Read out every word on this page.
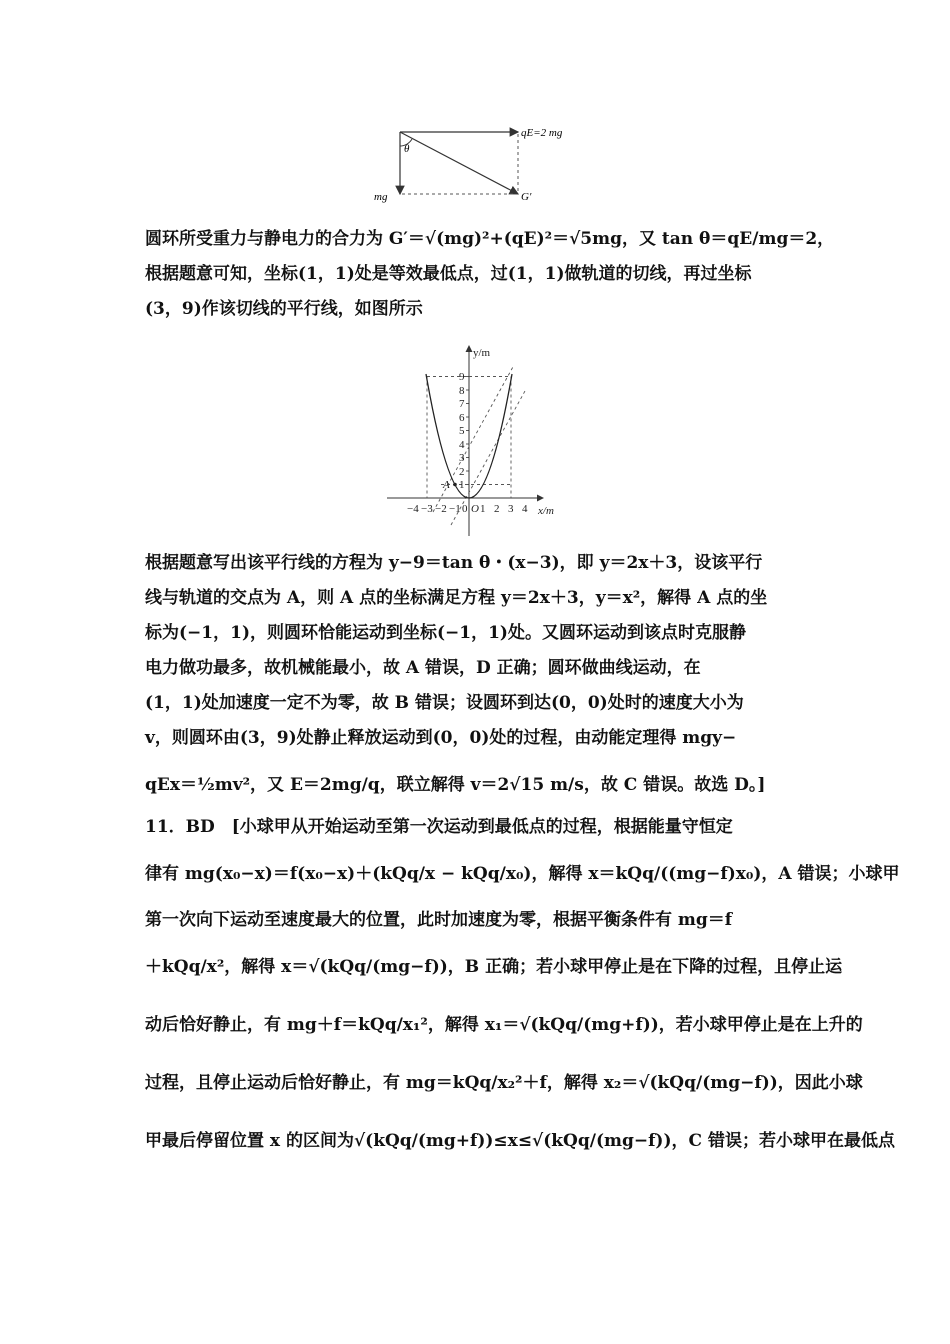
qE=2 mg
θ
mg	G′
圆环所受重力与静电力的合力为 G′＝√(mg)²+(qE)²＝√5mg，又 tan θ＝qE/mg＝2，
根据题意可知，坐标(1，1)处是等效最低点，过(1，1)做轨道的切线，再过坐标
(3，9)作该切线的平行线，如图所示
y/m
x/m
A
9
8
7
6
5
4
3
2
1
−4 −3 −2 −1 0 O 1 2 3 4
根据题意写出该平行线的方程为 y−9＝tan θ・(x−3)，即 y＝2x＋3，设该平行
线与轨道的交点为 A，则 A 点的坐标满足方程 y＝2x＋3，y＝x²，解得 A 点的坐
标为(−1，1)，则圆环恰能运动到坐标(−1，1)处。又圆环运动到该点时克服静
电力做功最多，故机械能最小，故 A 错误，D 正确；圆环做曲线运动，在
(1，1)处加速度一定不为零，故 B 错误；设圆环到达(0，0)处时的速度大小为
v，则圆环由(3，9)处静止释放运动到(0，0)处的过程，由动能定理得 mgy−
qEx＝½mv²，又 E＝2mg/q，联立解得 v＝2√15 m/s，故 C 错误。故选 D。]
11．BD　[小球甲从开始运动至第一次运动到最低点的过程，根据能量守恒定
律有 mg(x₀−x)＝f(x₀−x)＋(kQq/x − kQq/x₀)，解得 x＝kQq/((mg−f)x₀)，A 错误；小球甲
第一次向下运动至速度最大的位置，此时加速度为零，根据平衡条件有 mg＝f
＋kQq/x²，解得 x＝√(kQq/(mg−f))，B 正确；若小球甲停止是在下降的过程，且停止运
动后恰好静止，有 mg＋f＝kQq/x₁²，解得 x₁＝√(kQq/(mg+f))，若小球甲停止是在上升的
过程，且停止运动后恰好静止，有 mg＝kQq/x₂²＋f，解得 x₂＝√(kQq/(mg−f))，因此小球
甲最后停留位置 x 的区间为√(kQq/(mg+f))≤x≤√(kQq/(mg−f))，C 错误；若小球甲在最低点
